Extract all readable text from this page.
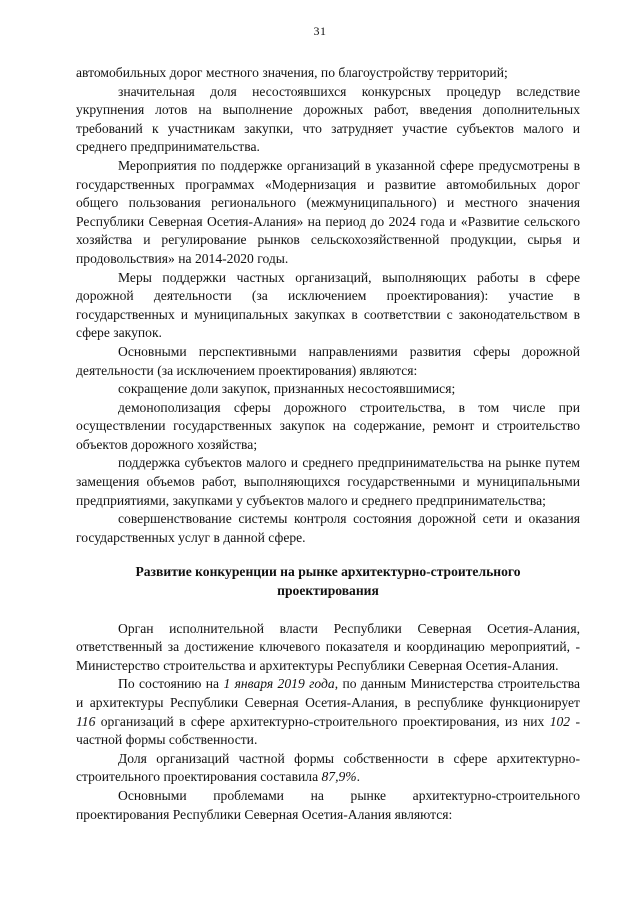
31

автомобильных дорог местного значения, по благоустройству территорий;

значительная доля несостоявшихся конкурсных процедур вследствие укрупнения лотов на выполнение дорожных работ, введения дополнительных требований к участникам закупки, что затрудняет участие субъектов малого и среднего предпринимательства.

Мероприятия по поддержке организаций в указанной сфере предусмотрены в государственных программах «Модернизация и развитие автомобильных дорог общего пользования регионального (межмуниципального) и местного значения Республики Северная Осетия-Алания» на период до 2024 года и «Развитие сельского хозяйства и регулирование рынков сельскохозяйственной продукции, сырья и продовольствия» на 2014-2020 годы.

Меры поддержки частных организаций, выполняющих работы в сфере дорожной деятельности (за исключением проектирования): участие в государственных и муниципальных закупках в соответствии с законодательством в сфере закупок.

Основными перспективными направлениями развития сферы дорожной деятельности (за исключением проектирования) являются:

сокращение доли закупок, признанных несостоявшимися;

демонополизация сферы дорожного строительства, в том числе при осуществлении государственных закупок на содержание, ремонт и строительство объектов дорожного хозяйства;

поддержка субъектов малого и среднего предпринимательства на рынке путем замещения объемов работ, выполняющихся государственными и муниципальными предприятиями, закупками у субъектов малого и среднего предпринимательства;

совершенствование системы контроля состояния дорожной сети и оказания государственных услуг в данной сфере.

Развитие конкуренции на рынке архитектурно-строительного проектирования

Орган исполнительной власти Республики Северная Осетия-Алания, ответственный за достижение ключевого показателя и координацию мероприятий, - Министерство строительства и архитектуры Республики Северная Осетия-Алания.

По состоянию на 1 января 2019 года, по данным Министерства строительства и архитектуры Республики Северная Осетия-Алания, в республике функционирует 116 организаций в сфере архитектурно-строительного проектирования, из них 102 - частной формы собственности.

Доля организаций частной формы собственности в сфере архитектурно-строительного проектирования составила 87,9%.

Основными проблемами на рынке архитектурно-строительного проектирования Республики Северная Осетия-Алания являются:
